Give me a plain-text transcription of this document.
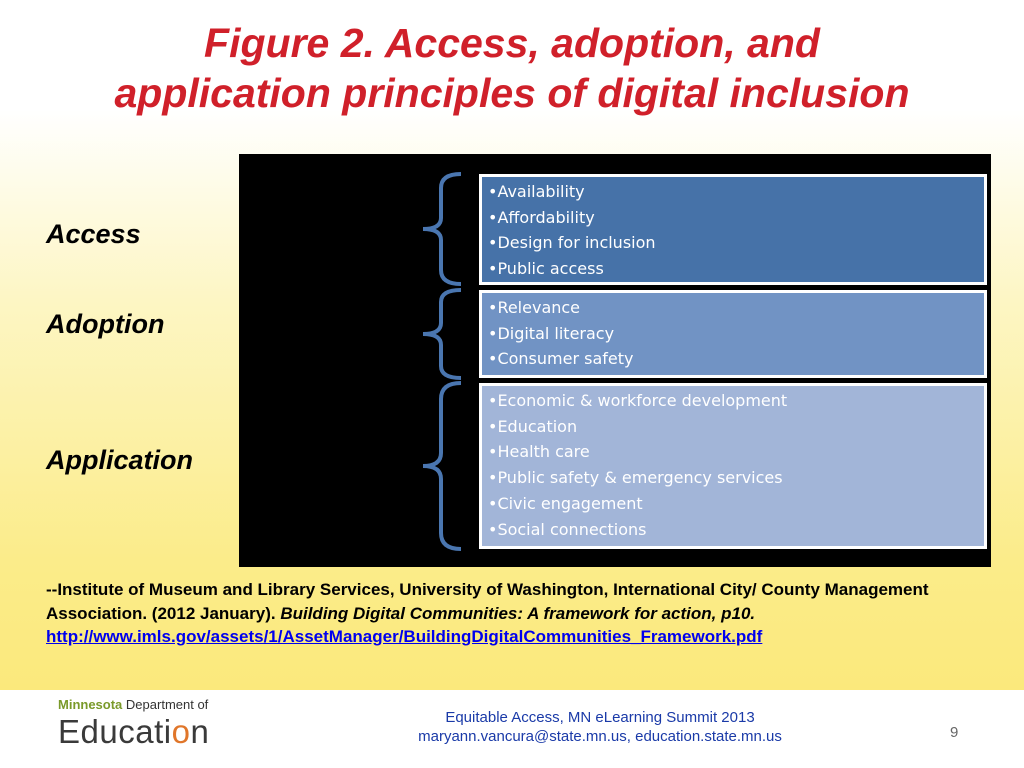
Figure 2. Access, adoption, and
application principles of digital inclusion
Access
Adoption
Application
•Availability
•Affordability
•Design for inclusion
•Public access
•Relevance
•Digital literacy
•Consumer safety
•Economic & workforce development
•Education
•Health care
•Public safety & emergency services
•Civic engagement
•Social connections
--Institute of Museum and Library Services, University of Washington, International City/ County Management Association. (2012 January). Building Digital Communities: A framework for action, p10.
http://www.imls.gov/assets/1/AssetManager/BuildingDigitalCommunities_Framework.pdf
Minnesota Department of
Education	Equitable Access, MN eLearning Summit 2013
maryann.vancura@state.mn.us, education.state.mn.us	9
